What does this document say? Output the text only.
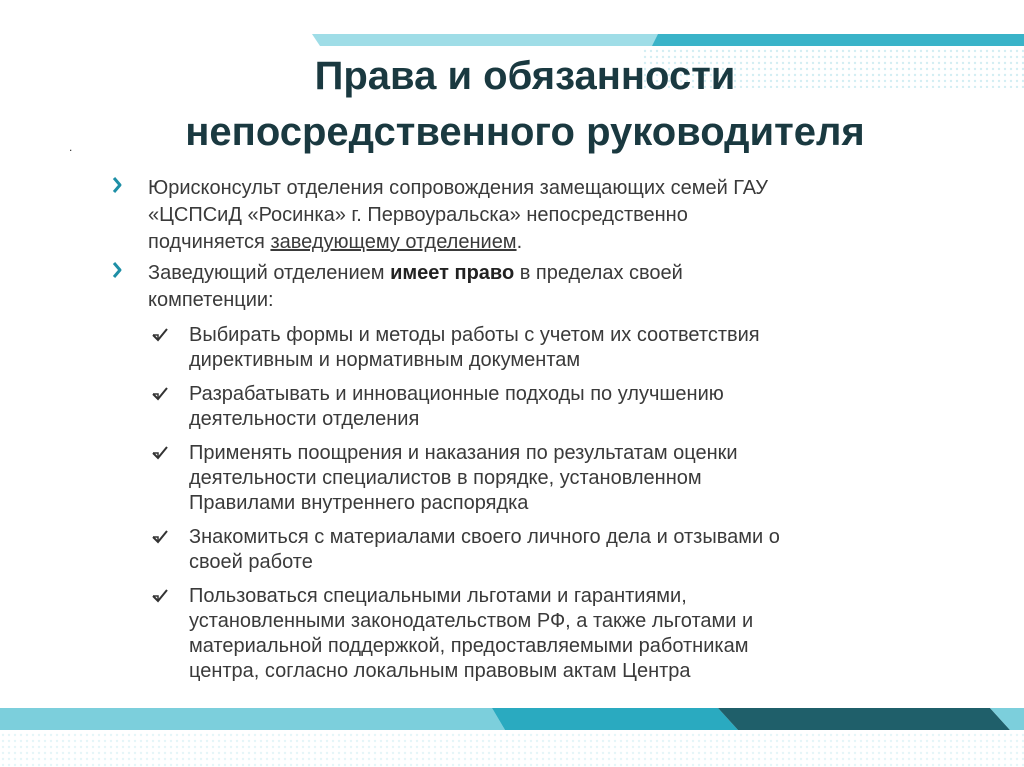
.
Права и обязанности
непосредственного руководителя
Юрисконсульт отделения сопровождения замещающих семей ГАУ
«ЦСПСиД «Росинка» г. Первоуральска» непосредственно
подчиняется заведующему отделением.
Заведующий отделением имеет право в пределах своей
компетенции:
Выбирать формы и методы работы с учетом их соответствия
директивным и нормативным документам
Разрабатывать и инновационные подходы по улучшению
деятельности отделения
Применять поощрения и наказания по результатам оценки
деятельности специалистов в порядке, установленном
Правилами внутреннего распорядка
Знакомиться с материалами своего личного дела и отзывами о
своей работе
Пользоваться специальными льготами и гарантиями,
установленными законодательством РФ, а также льготами и
материальной поддержкой, предоставляемыми работникам
центра, согласно локальным правовым актам Центра
